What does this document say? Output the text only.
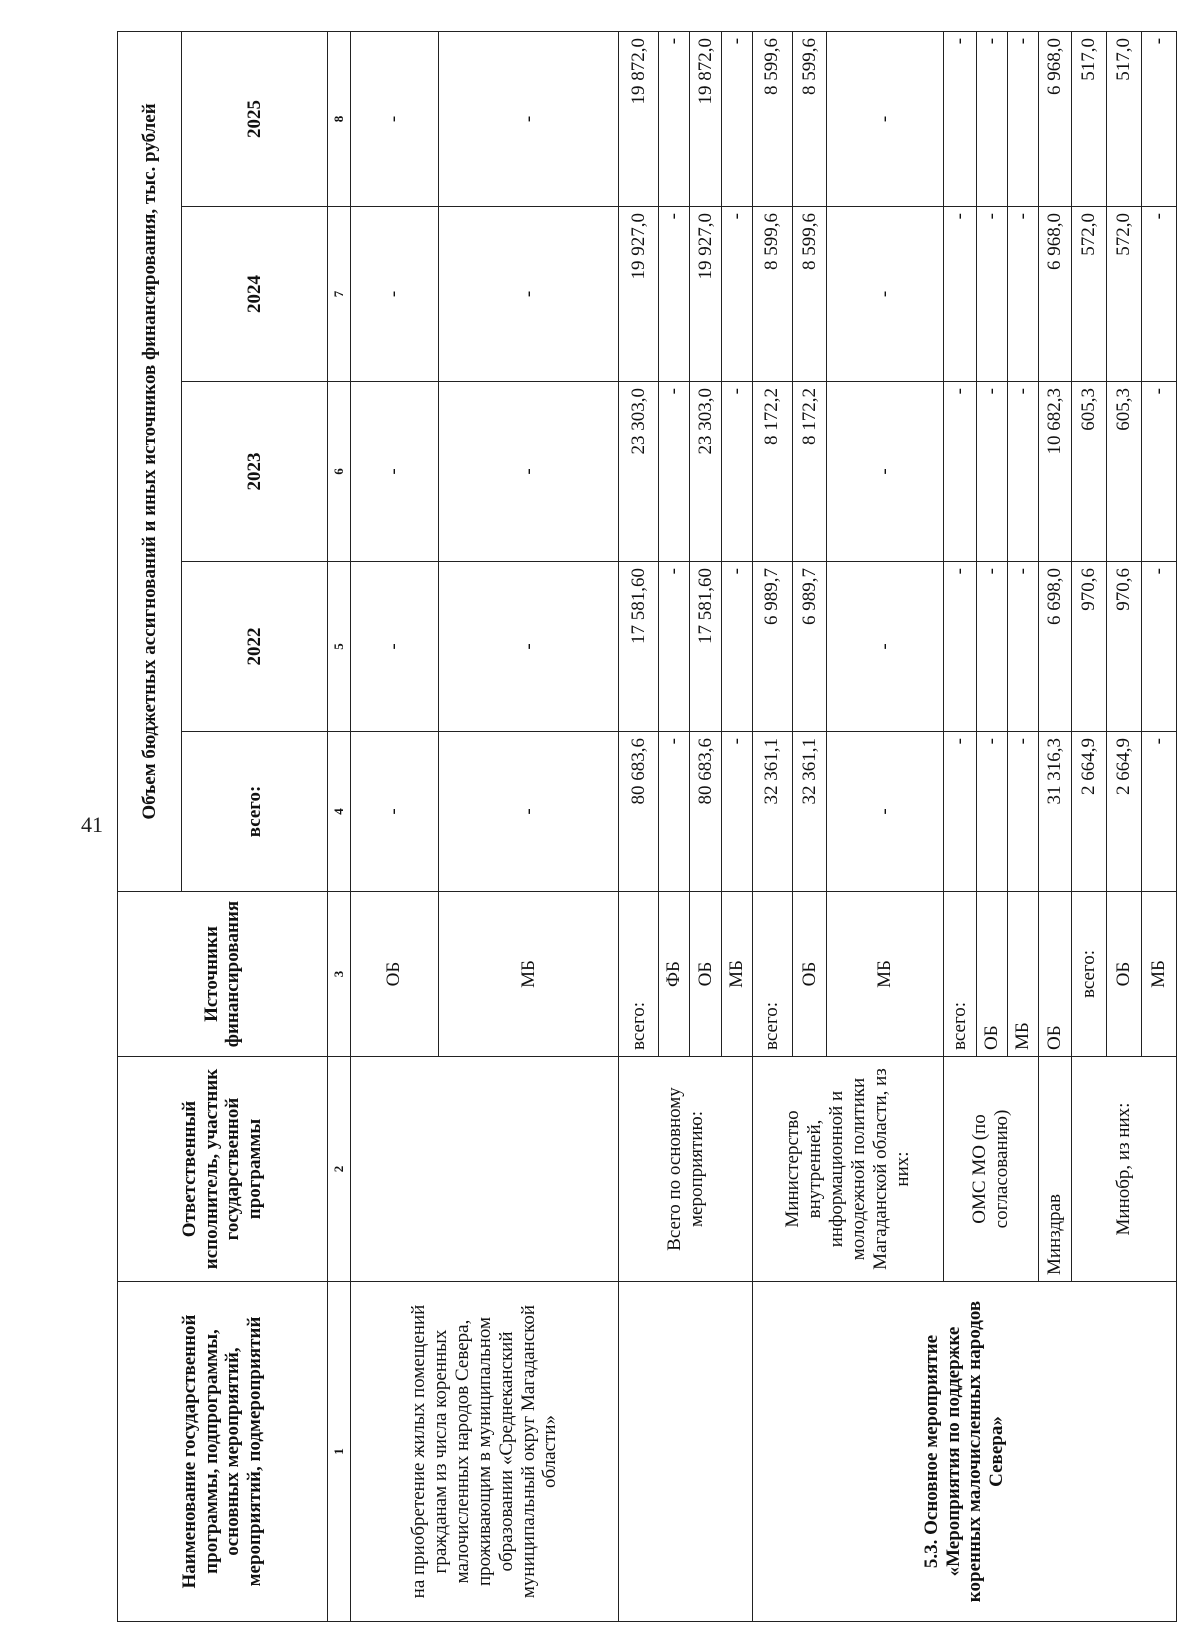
41
Наименование государственной программы, подпрограммы, основных мероприятий, мероприятий, подмероприятий	Ответственный исполнитель, участник государственной программы	Источники финансирования	Объем бюджетных ассигнований и иных источников финансирования, тыс. рублей				
			всего:	2022	2023	2024	2025
1	2	3	4	5	6	7	8
на приобретение жилых помещений гражданам из числа коренных малочисленных народов Севера, проживающим в муниципальном образовании «Среднеканский муниципальный округ Магаданской области»		ОБ	-	-	-	-	-
		МБ	-	-	-	-	-
	Всего по основному мероприятию:	всего:	80 683,6	17 581,60	23 303,0	19 927,0	19 872,0
		ФБ	-	-	-	-	-
		ОБ	80 683,6	17 581,60	23 303,0	19 927,0	19 872,0
		МБ	-	-	-	-	-
5.3. Основное мероприятие «Мероприятия по поддержке коренных малочисленных народов Севера»	Министерство внутренней, информационной и молодежной политики Магаданской области, из них:	всего:	32 361,1	6 989,7	8 172,2	8 599,6	8 599,6
		ОБ	32 361,1	6 989,7	8 172,2	8 599,6	8 599,6
		МБ	-	-	-	-	-
	ОМС МО (по согласованию)	всего:	-	-	-	-	-
		ОБ	-	-	-	-	-
		МБ	-	-	-	-	-
	Минздрав	ОБ	31 316,3	6 698,0	10 682,3	6 968,0	6 968,0
	Минобр, из них:	всего:	2 664,9	970,6	605,3	572,0	517,0
		ОБ	2 664,9	970,6	605,3	572,0	517,0
		МБ	-	-	-	-	-
